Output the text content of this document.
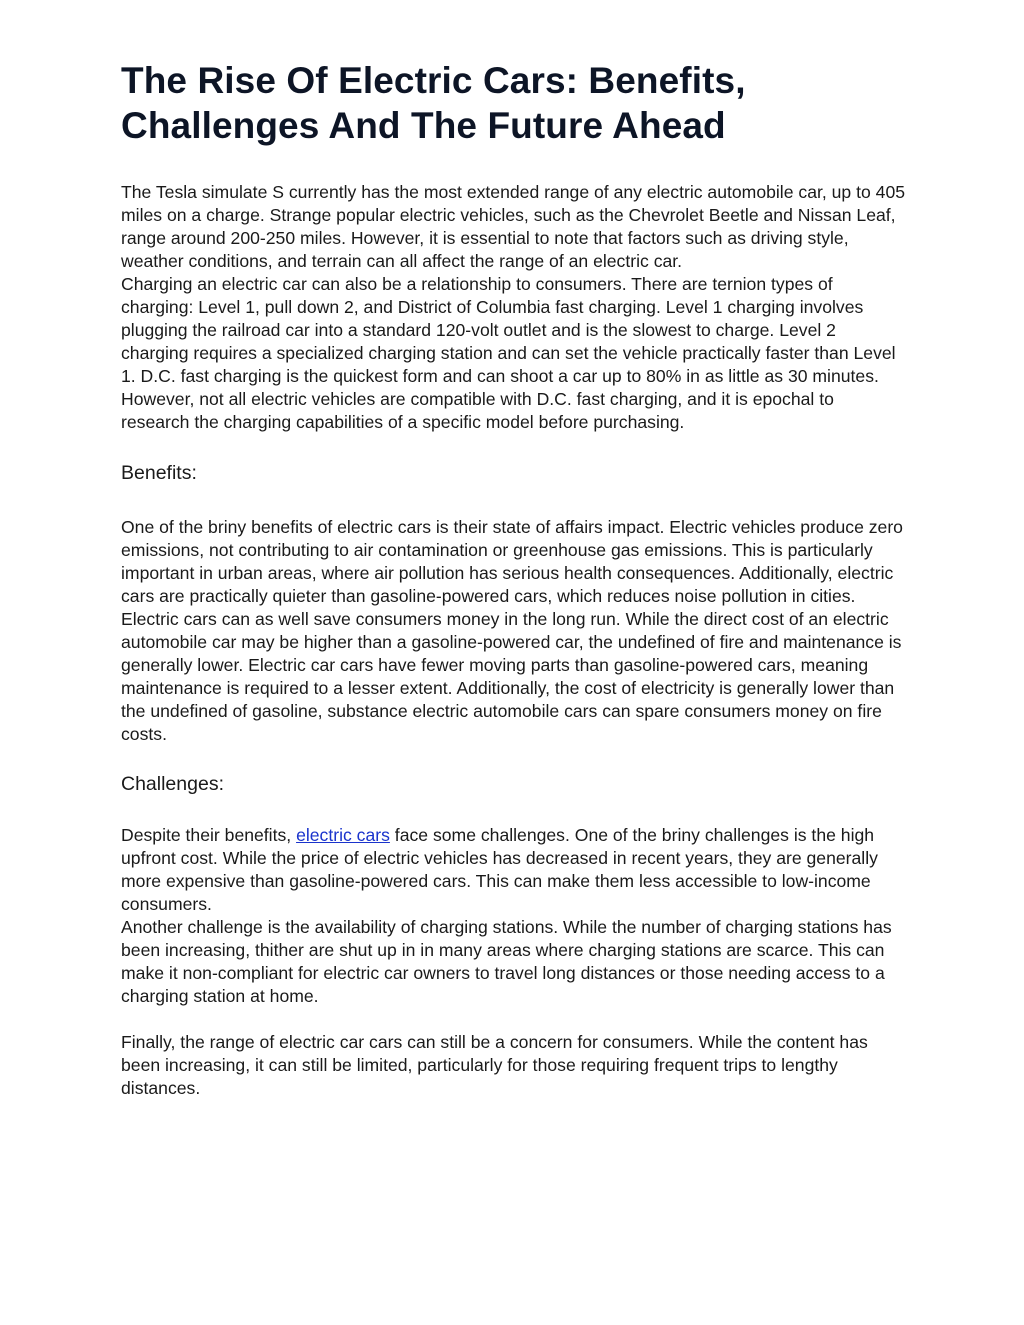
The Rise Of Electric Cars: Benefits, Challenges And The Future Ahead

The Tesla simulate S currently has the most extended range of any electric automobile car, up to 405 miles on a charge. Strange popular electric vehicles, such as the Chevrolet Beetle and Nissan Leaf, range around 200-250 miles. However, it is essential to note that factors such as driving style, weather conditions, and terrain can all affect the range of an electric car.

Charging an electric car can also be a relationship to consumers. There are ternion types of charging: Level 1, pull down 2, and District of Columbia fast charging. Level 1 charging involves plugging the railroad car into a standard 120-volt outlet and is the slowest to charge. Level 2 charging requires a specialized charging station and can set the vehicle practically faster than Level 1. D.C. fast charging is the quickest form and can shoot a car up to 80% in as little as 30 minutes. However, not all electric vehicles are compatible with D.C. fast charging, and it is epochal to research the charging capabilities of a specific model before purchasing.

Benefits:

One of the briny benefits of electric cars is their state of affairs impact. Electric vehicles produce zero emissions, not contributing to air contamination or greenhouse gas emissions. This is particularly important in urban areas, where air pollution has serious health consequences. Additionally, electric cars are practically quieter than gasoline-powered cars, which reduces noise pollution in cities.

Electric cars can as well save consumers money in the long run. While the direct cost of an electric automobile car may be higher than a gasoline-powered car, the undefined of fire and maintenance is generally lower. Electric car cars have fewer moving parts than gasoline-powered cars, meaning maintenance is required to a lesser extent. Additionally, the cost of electricity is generally lower than the undefined of gasoline, substance electric automobile cars can spare consumers money on fire costs.

Challenges:

Despite their benefits, electric cars face some challenges. One of the briny challenges is the high upfront cost. While the price of electric vehicles has decreased in recent years, they are generally more expensive than gasoline-powered cars. This can make them less accessible to low-income consumers.

Another challenge is the availability of charging stations. While the number of charging stations has been increasing, thither are shut up in in many areas where charging stations are scarce. This can make it non-compliant for electric car owners to travel long distances or those needing access to a charging station at home.

Finally, the range of electric car cars can still be a concern for consumers. While the content has been increasing, it can still be limited, particularly for those requiring frequent trips to lengthy distances.
